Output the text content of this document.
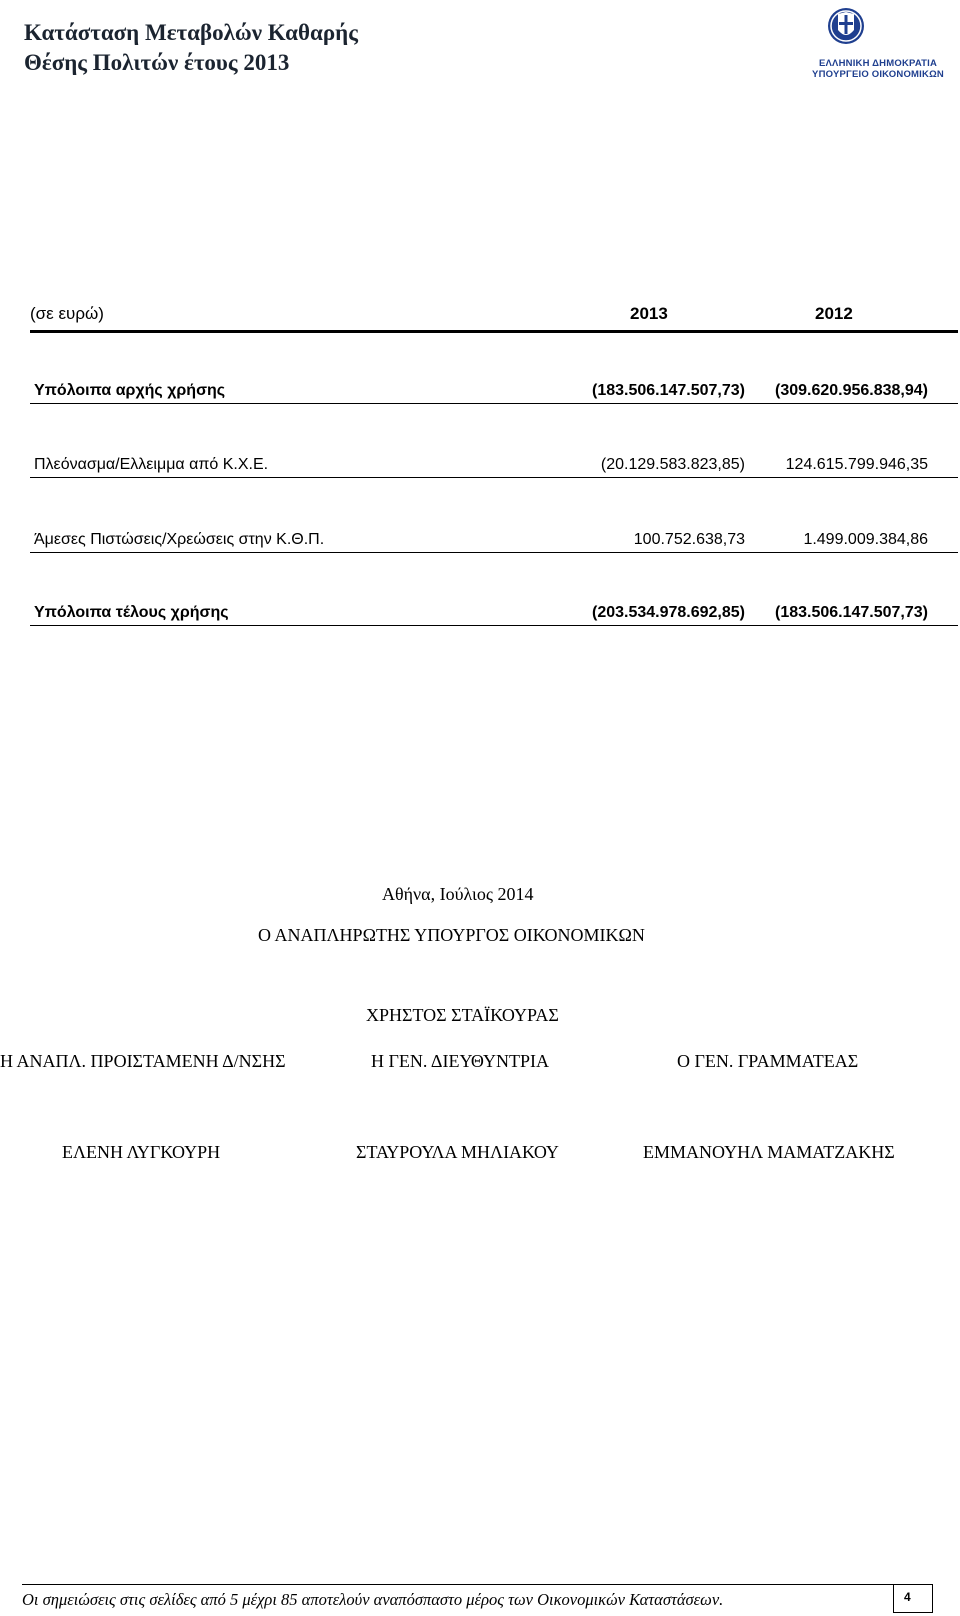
Κατάσταση Μεταβολών Καθαρής
Θέσης Πολιτών έτους 2013	ΕΛΛΗΝΙΚΗ ΔΗΜΟΚΡΑΤΙΑ
ΥΠΟΥΡΓΕΙΟ ΟΙΚΟΝΟΜΙΚΩΝ
(σε ευρώ)	2013	2012
Υπόλοιπα αρχής χρήσης	(183.506.147.507,73) (309.620.956.838,94)
Πλεόνασμα/Ελλειμμα από Κ.Χ.Ε.	(20.129.583.823,85)	124.615.799.946,35
Άμεσες Πιστώσεις/Χρεώσεις στην Κ.Θ.Π.	100.752.638,73	1.499.009.384,86
Υπόλοιπα τέλους χρήσης	(203.534.978.692,85) (183.506.147.507,73)
Αθήνα, Ιούλιος 2014
Ο ΑΝΑΠΛΗΡΩΤΗΣ ΥΠΟΥΡΓΟΣ ΟΙΚΟΝΟΜΙΚΩΝ
ΧΡΗΣΤΟΣ ΣΤΑΪΚΟΥΡΑΣ
Η ΑΝΑΠΛ. ΠΡΟΙΣΤΑΜΕΝΗ Δ/ΝΣΗΣ	Η ΓΕΝ. ΔΙΕΥΘΥΝΤΡΙΑ	Ο ΓΕΝ. ΓΡΑΜΜΑΤΕΑΣ
ΕΛΕΝΗ ΛΥΓΚΟΥΡΗ	ΣΤΑΥΡΟΥΛΑ ΜΗΛΙΑΚΟΥ	ΕΜΜΑΝΟΥΗΛ ΜΑΜΑΤΖΑΚΗΣ
Οι σημειώσεις στις σελίδες από 5 μέχρι 85 αποτελούν αναπόσπαστο μέρος των Οικονομικών Καταστάσεων.	4
